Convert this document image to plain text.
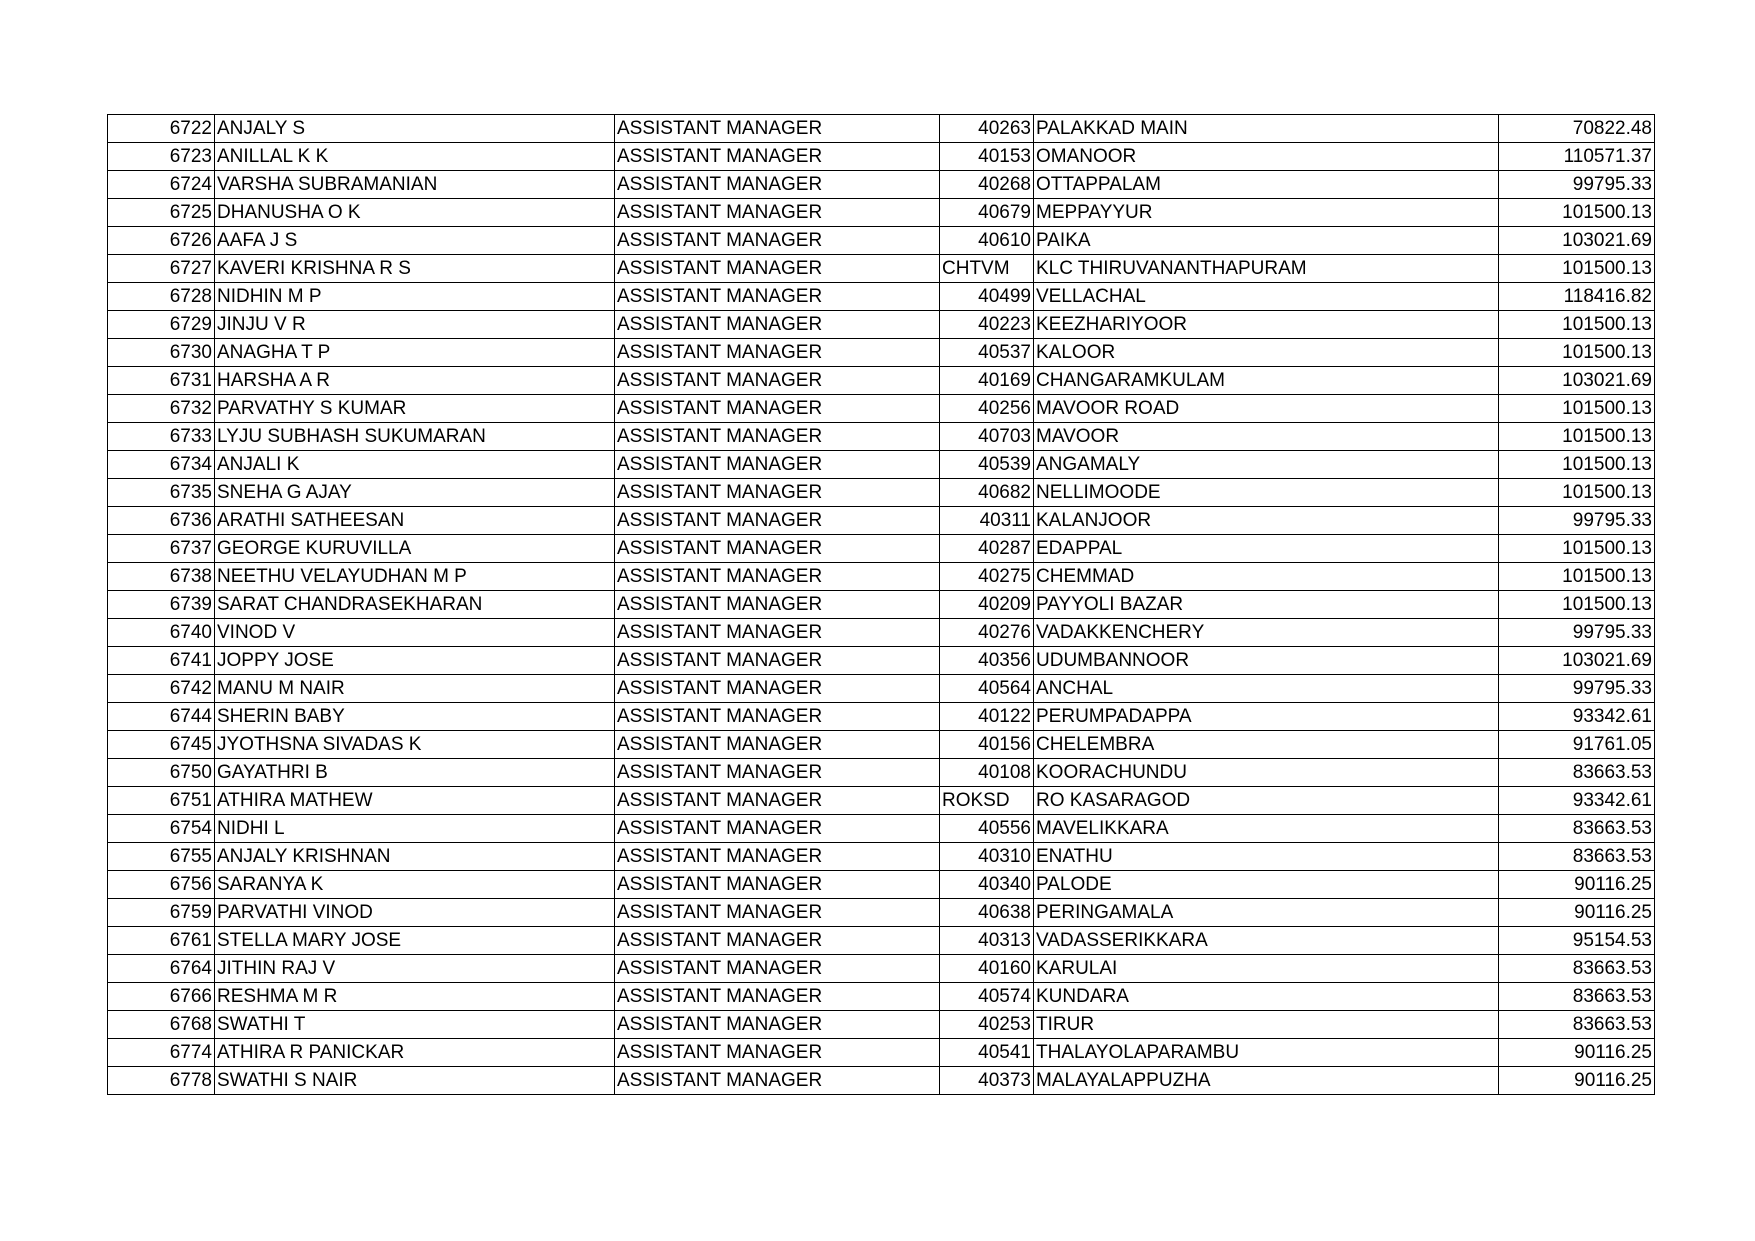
6722	ANJALY S	ASSISTANT MANAGER	40263	PALAKKAD MAIN	70822.48
6723	ANILLAL K K	ASSISTANT MANAGER	40153	OMANOOR	110571.37
6724	VARSHA SUBRAMANIAN	ASSISTANT MANAGER	40268	OTTAPPALAM	99795.33
6725	DHANUSHA O K	ASSISTANT MANAGER	40679	MEPPAYYUR	101500.13
6726	AAFA J S	ASSISTANT MANAGER	40610	PAIKA	103021.69
6727	KAVERI KRISHNA R S	ASSISTANT MANAGER	CHTVM	KLC THIRUVANANTHAPURAM	101500.13
6728	NIDHIN M P	ASSISTANT MANAGER	40499	VELLACHAL	118416.82
6729	JINJU V R	ASSISTANT MANAGER	40223	KEEZHARIYOOR	101500.13
6730	ANAGHA T P	ASSISTANT MANAGER	40537	KALOOR	101500.13
6731	HARSHA A R	ASSISTANT MANAGER	40169	CHANGARAMKULAM	103021.69
6732	PARVATHY S KUMAR	ASSISTANT MANAGER	40256	MAVOOR ROAD	101500.13
6733	LYJU SUBHASH SUKUMARAN	ASSISTANT MANAGER	40703	MAVOOR	101500.13
6734	ANJALI K	ASSISTANT MANAGER	40539	ANGAMALY	101500.13
6735	SNEHA G AJAY	ASSISTANT MANAGER	40682	NELLIMOODE	101500.13
6736	ARATHI SATHEESAN	ASSISTANT MANAGER	40311	KALANJOOR	99795.33
6737	GEORGE KURUVILLA	ASSISTANT MANAGER	40287	EDAPPAL	101500.13
6738	NEETHU VELAYUDHAN M P	ASSISTANT MANAGER	40275	CHEMMAD	101500.13
6739	SARAT CHANDRASEKHARAN	ASSISTANT MANAGER	40209	PAYYOLI BAZAR	101500.13
6740	VINOD V	ASSISTANT MANAGER	40276	VADAKKENCHERY	99795.33
6741	JOPPY JOSE	ASSISTANT MANAGER	40356	UDUMBANNOOR	103021.69
6742	MANU M NAIR	ASSISTANT MANAGER	40564	ANCHAL	99795.33
6744	SHERIN BABY	ASSISTANT MANAGER	40122	PERUMPADAPPA	93342.61
6745	JYOTHSNA SIVADAS K	ASSISTANT MANAGER	40156	CHELEMBRA	91761.05
6750	GAYATHRI B	ASSISTANT MANAGER	40108	KOORACHUNDU	83663.53
6751	ATHIRA MATHEW	ASSISTANT MANAGER	ROKSD	RO KASARAGOD	93342.61
6754	NIDHI L	ASSISTANT MANAGER	40556	MAVELIKKARA	83663.53
6755	ANJALY KRISHNAN	ASSISTANT MANAGER	40310	ENATHU	83663.53
6756	SARANYA K	ASSISTANT MANAGER	40340	PALODE	90116.25
6759	PARVATHI VINOD	ASSISTANT MANAGER	40638	PERINGAMALA	90116.25
6761	STELLA MARY JOSE	ASSISTANT MANAGER	40313	VADASSERIKKARA	95154.53
6764	JITHIN RAJ V	ASSISTANT MANAGER	40160	KARULAI	83663.53
6766	RESHMA M R	ASSISTANT MANAGER	40574	KUNDARA	83663.53
6768	SWATHI T	ASSISTANT MANAGER	40253	TIRUR	83663.53
6774	ATHIRA R PANICKAR	ASSISTANT MANAGER	40541	THALAYOLAPARAMBU	90116.25
6778	SWATHI S NAIR	ASSISTANT MANAGER	40373	MALAYALAPPUZHA	90116.25
